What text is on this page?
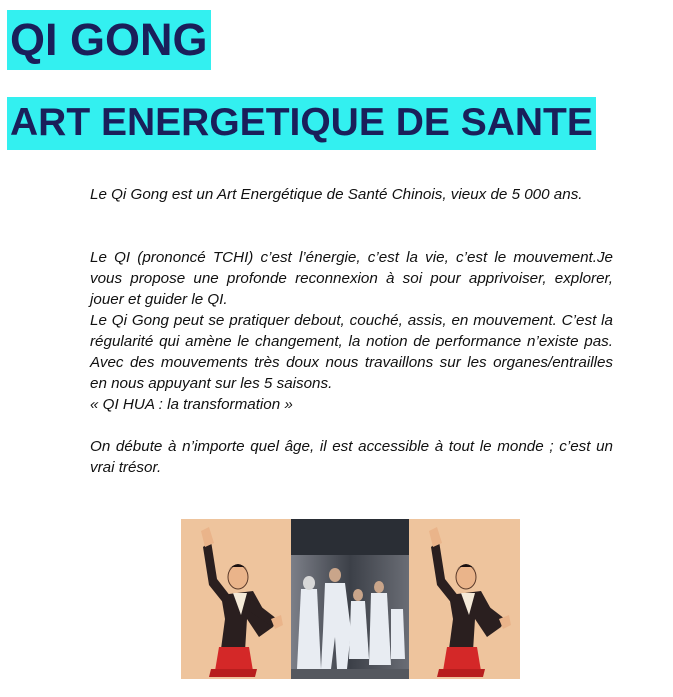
QI GONG
ART ENERGETIQUE DE SANTE

Le Qi Gong est un Art Energétique de Santé Chinois, vieux de 5 000 ans.

Le QI (prononcé TCHI) c’est l’énergie, c’est la vie, c’est le mouvement.Je vous propose une profonde reconnexion à soi pour apprivoiser, explorer, jouer et guider le QI.

Le Qi Gong peut se pratiquer debout, couché, assis, en mouvement. C’est la régularité qui amène le changement, la notion de performance n’existe pas. Avec des mouvements très doux nous travaillons sur les organes/entrailles en nous appuyant sur les 5 saisons.

« QI HUA : la transformation »

On débute à n’importe quel âge, il est accessible à tout le monde ; c’est un vrai trésor.
